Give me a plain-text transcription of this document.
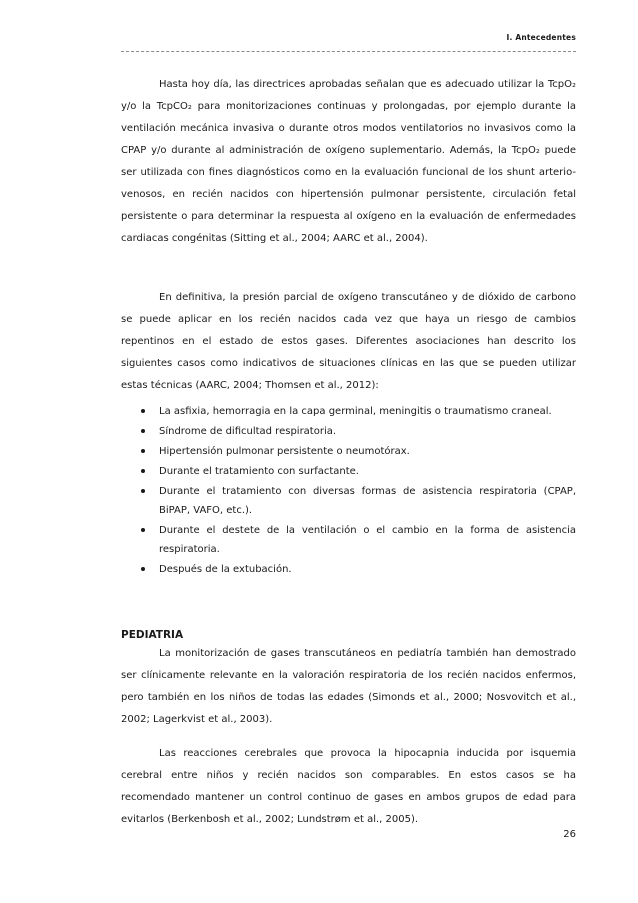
I. Antecedentes

Hasta hoy día, las directrices aprobadas señalan que es adecuado utilizar la TcpO₂ y/o la TcpCO₂ para monitorizaciones continuas y prolongadas, por ejemplo durante la ventilación mecánica invasiva o durante otros modos ventilatorios no invasivos como la CPAP y/o durante al administración de oxígeno suplementario. Además, la TcpO₂ puede ser utilizada con fines diagnósticos como en la evaluación funcional de los shunt arterio-venosos, en recién nacidos con hipertensión pulmonar persistente, circulación fetal persistente o para determinar la respuesta al oxígeno en la evaluación de enfermedades cardiacas congénitas (Sitting et al., 2004; AARC et al., 2004).

En definitiva, la presión parcial de oxígeno transcutáneo y de dióxido de carbono se puede aplicar en los recién nacidos cada vez que haya un riesgo de cambios repentinos en el estado de estos gases. Diferentes asociaciones han descrito los siguientes casos como indicativos de situaciones clínicas en las que se pueden utilizar estas técnicas (AARC, 2004; Thomsen et al., 2012):

La asfixia, hemorragia en la capa germinal, meningitis o traumatismo craneal.
Síndrome de dificultad respiratoria.
Hipertensión pulmonar persistente o neumotórax.
Durante el tratamiento con surfactante.
Durante el tratamiento con diversas formas de asistencia respiratoria (CPAP, BiPAP, VAFO, etc.).
Durante el destete de la ventilación o el cambio en la forma de asistencia respiratoria.
Después de la extubación.
PEDIATRIA

La monitorización de gases transcutáneos en pediatría también han demostrado ser clínicamente relevante en la valoración respiratoria de los recién nacidos enfermos, pero también en los niños de todas las edades (Simonds et al., 2000; Nosvovitch et al., 2002; Lagerkvist et al., 2003).

Las reacciones cerebrales que provoca la hipocapnia inducida por isquemia cerebral entre niños y recién nacidos son comparables. En estos casos se ha recomendado mantener un control continuo de gases en ambos grupos de edad para evitarlos (Berkenbosh et al., 2002; Lundstrøm et al., 2005).

26
